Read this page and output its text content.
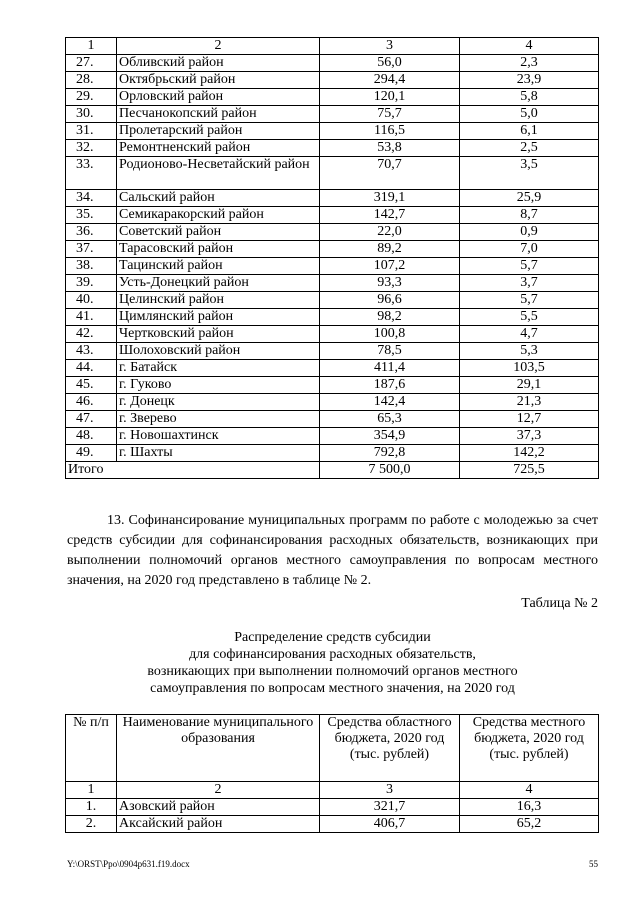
1	2	3	4
27.	Обливский район	56,0	2,3
28.	Октябрьский район	294,4	23,9
29.	Орловский район	120,1	5,8
30.	Песчанокопский район	75,7	5,0
31.	Пролетарский район	116,5	6,1
32.	Ремонтненский район	53,8	2,5
33.	Родионово-Несветайский район	70,7	3,5
34.	Сальский район	319,1	25,9
35.	Семикаракорский район	142,7	8,7
36.	Советский район	22,0	0,9
37.	Тарасовский район	89,2	7,0
38.	Тацинский район	107,2	5,7
39.	Усть-Донецкий район	93,3	3,7
40.	Целинский район	96,6	5,7
41.	Цимлянский район	98,2	5,5
42.	Чертковский район	100,8	4,7
43.	Шолоховский район	78,5	5,3
44.	г. Батайск	411,4	103,5
45.	г. Гуково	187,6	29,1
46.	г. Донецк	142,4	21,3
47.	г. Зверево	65,3	12,7
48.	г. Новошахтинск	354,9	37,3
49.	г. Шахты	792,8	142,2
Итого		7 500,0	725,5

13. Софинансирование муниципальных программ по работе с молодежью за счет средств субсидии для софинансирования расходных обязательств, возникающих при выполнении полномочий органов местного самоуправления по вопросам местного значения, на 2020 год представлено в таблице № 2.

Таблица № 2
Распределение средств субсидии
для софинансирования расходных обязательств,
возникающих при выполнении полномочий органов местного
самоуправления по вопросам местного значения, на 2020 год
№ п/п	Наименование муниципального образования	Средства областного бюджета, 2020 год (тыс. рублей)	Средства местного бюджета, 2020 год (тыс. рублей)
1	2	3	4
1.	Азовский район	321,7	16,3
2.	Аксайский район	406,7	65,2
Y:\ORST\Ppo\0904p631.f19.docx	55
